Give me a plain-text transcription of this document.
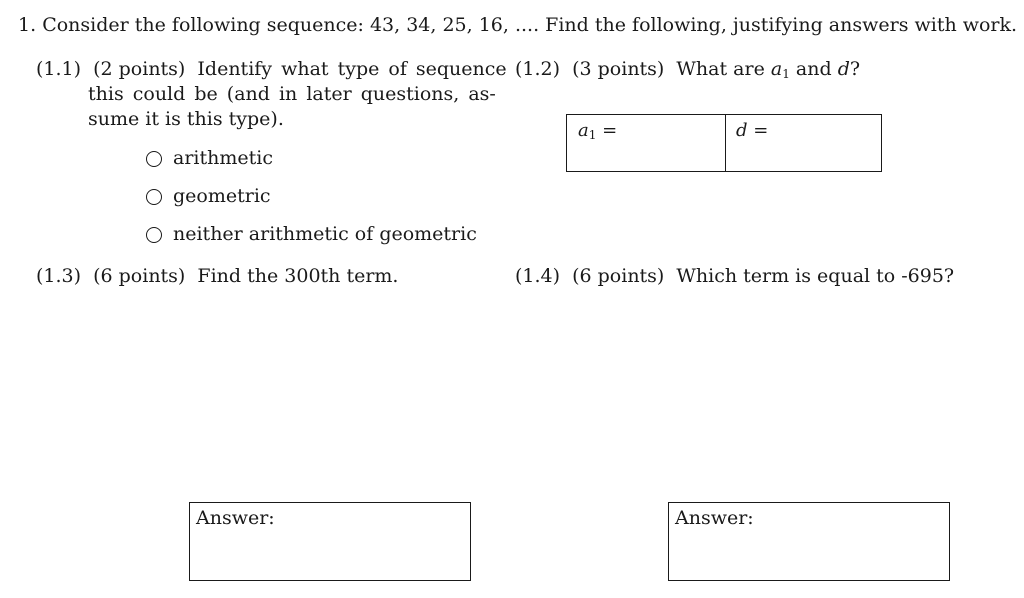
1. Consider the following sequence: 43, 34, 25, 16, .... Find the following, justifying answers with work.
(1.1) (2 points) Identify what type of sequence
this could be (and in later questions, as-
sume it is this type).
arithmetic
geometric
neither arithmetic of geometric
(1.2) (3 points) What are $a_1$ and d?
$a_1$ =	d =
(1.3) (6 points) Find the 300th term.
Answer:
(1.4) (6 points) Which term is equal to -695?
Answer:
